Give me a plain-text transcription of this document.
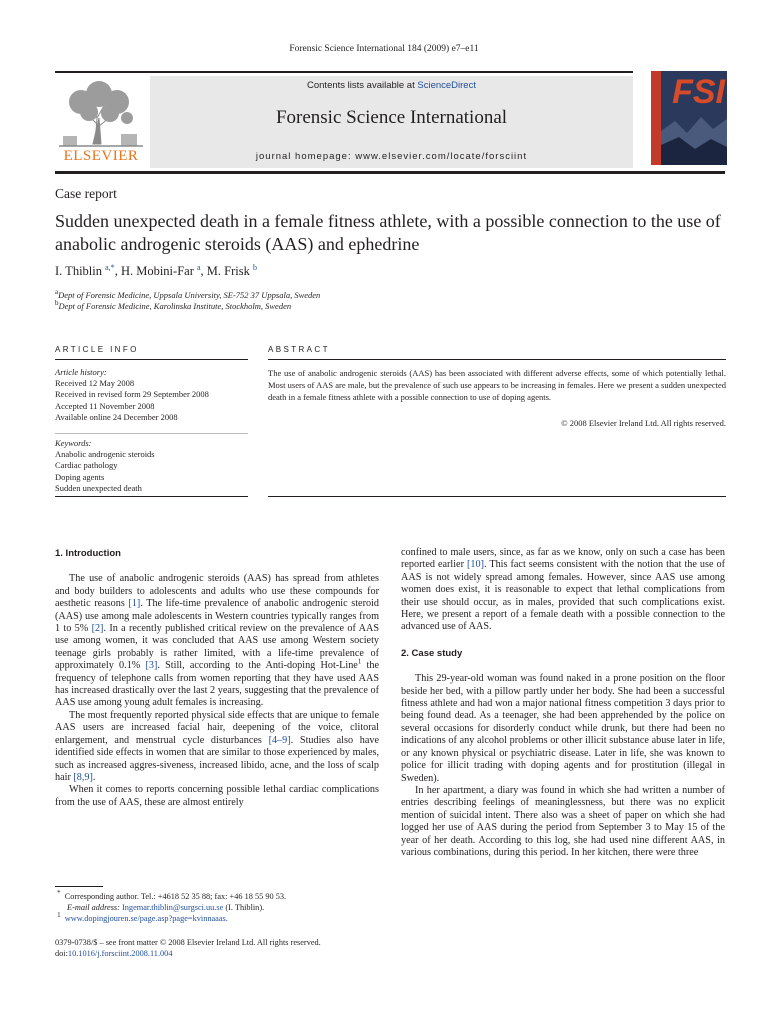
Forensic Science International 184 (2009) e7–e11
ELSEVIER
Contents lists available at ScienceDirect
Forensic Science International
journal homepage: www.elsevier.com/locate/forsciint
FSI
Case report
Sudden unexpected death in a female fitness athlete, with a possible connection to the use of anabolic androgenic steroids (AAS) and ephedrine
I. Thiblin $^{a,*}$, H. Mobini-Far $^a$, M. Frisk $^b$
$^a$Dept of Forensic Medicine, Uppsala University, SE-752 37 Uppsala, Sweden
$^b$Dept of Forensic Medicine, Karolinska Institute, Stockholm, Sweden
ARTICLE INFO	ABSTRACT
Article history:
Received 12 May 2008
Received in revised form 29 September 2008
Accepted 11 November 2008
Available online 24 December 2008
Keywords:
Anabolic androgenic steroids
Cardiac pathology
Doping agents
Sudden unexpected death
The use of anabolic androgenic steroids (AAS) has been associated with different adverse effects, some of which potentially lethal. Most users of AAS are male, but the prevalence of such use appears to be increasing in females. Here we present a sudden unexpected death in a female fitness athlete with a possible connection to use of doping agents.
© 2008 Elsevier Ireland Ltd. All rights reserved.
1. Introduction

The use of anabolic androgenic steroids (AAS) has spread from athletes and body builders to adolescents and adults who use these compounds for aesthetic reasons [1]. The life-time prevalence of anabolic androgenic steroid (AAS) use among male adolescents in Western countries typically ranges from 1 to 5% [2]. In a recently published critical review on the prevalence of AAS use among women, it was concluded that AAS use among Western society teenage girls probably is rather limited, with a life-time prevalence of approximately 0.1% [3]. Still, according to the Anti-doping Hot-Line$^1$ the frequency of telephone calls from women reporting that they have used AAS has increased drastically over the last 2 years, suggesting that the prevalence of AAS use among young adult females is increasing.

The most frequently reported physical side effects that are unique to female AAS users are increased facial hair, deepening of the voice, clitoral enlargement, and menstrual cycle disturbances [4–9]. Studies also have identified side effects in women that are similar to those experienced by males, such as increased aggres-siveness, increased libido, acne, and the loss of scalp hair [8,9].

When it comes to reports concerning possible lethal cardiac complications from the use of AAS, these are almost entirely

confined to male users, since, as far as we know, only on such a case has been reported earlier [10]. This fact seems consistent with the notion that the use of AAS is not widely spread among females. However, since AAS use among women does exist, it is reasonable to expect that lethal complications from their use should occur, as in males, provided that such complications exist. Here, we present a report of a female death with a possible connection to the advanced use of AAS.

2. Case study

This 29-year-old woman was found naked in a prone position on the floor beside her bed, with a pillow partly under her body. She had been a successful fitness athlete and had won a major national fitness competition 3 days prior to being found dead. As a teenager, she had been apprehended by the police on several occasions for disorderly conduct while drunk, but there had been no indications of any alcohol problems or other illicit substance abuse later in life, or any known physical or psychiatric disease. Later in life, she was known to police for illicit trading with doping agents and for prostitution (illegal in Sweden).

In her apartment, a diary was found in which she had written a number of entries describing feelings of meaninglessness, but there was no explicit mention of suicidal intent. There also was a sheet of paper on which she had logged her use of AAS during the period from September 3 to May 15 of the year of her death. According to this log, she had used nine different AAS, in various combinations, during this period. In her kitchen, there were three

* Corresponding author. Tel.: +4618 52 35 88; fax: +46 18 55 90 53.
E-mail address: Ingemar.thiblin@surgsci.uu.se (I. Thiblin).
$^1$ www.dopingjouren.se/page.asp?page=kvinnaaas.
0379-0738/$ – see front matter © 2008 Elsevier Ireland Ltd. All rights reserved.
doi:10.1016/j.forsciint.2008.11.004
